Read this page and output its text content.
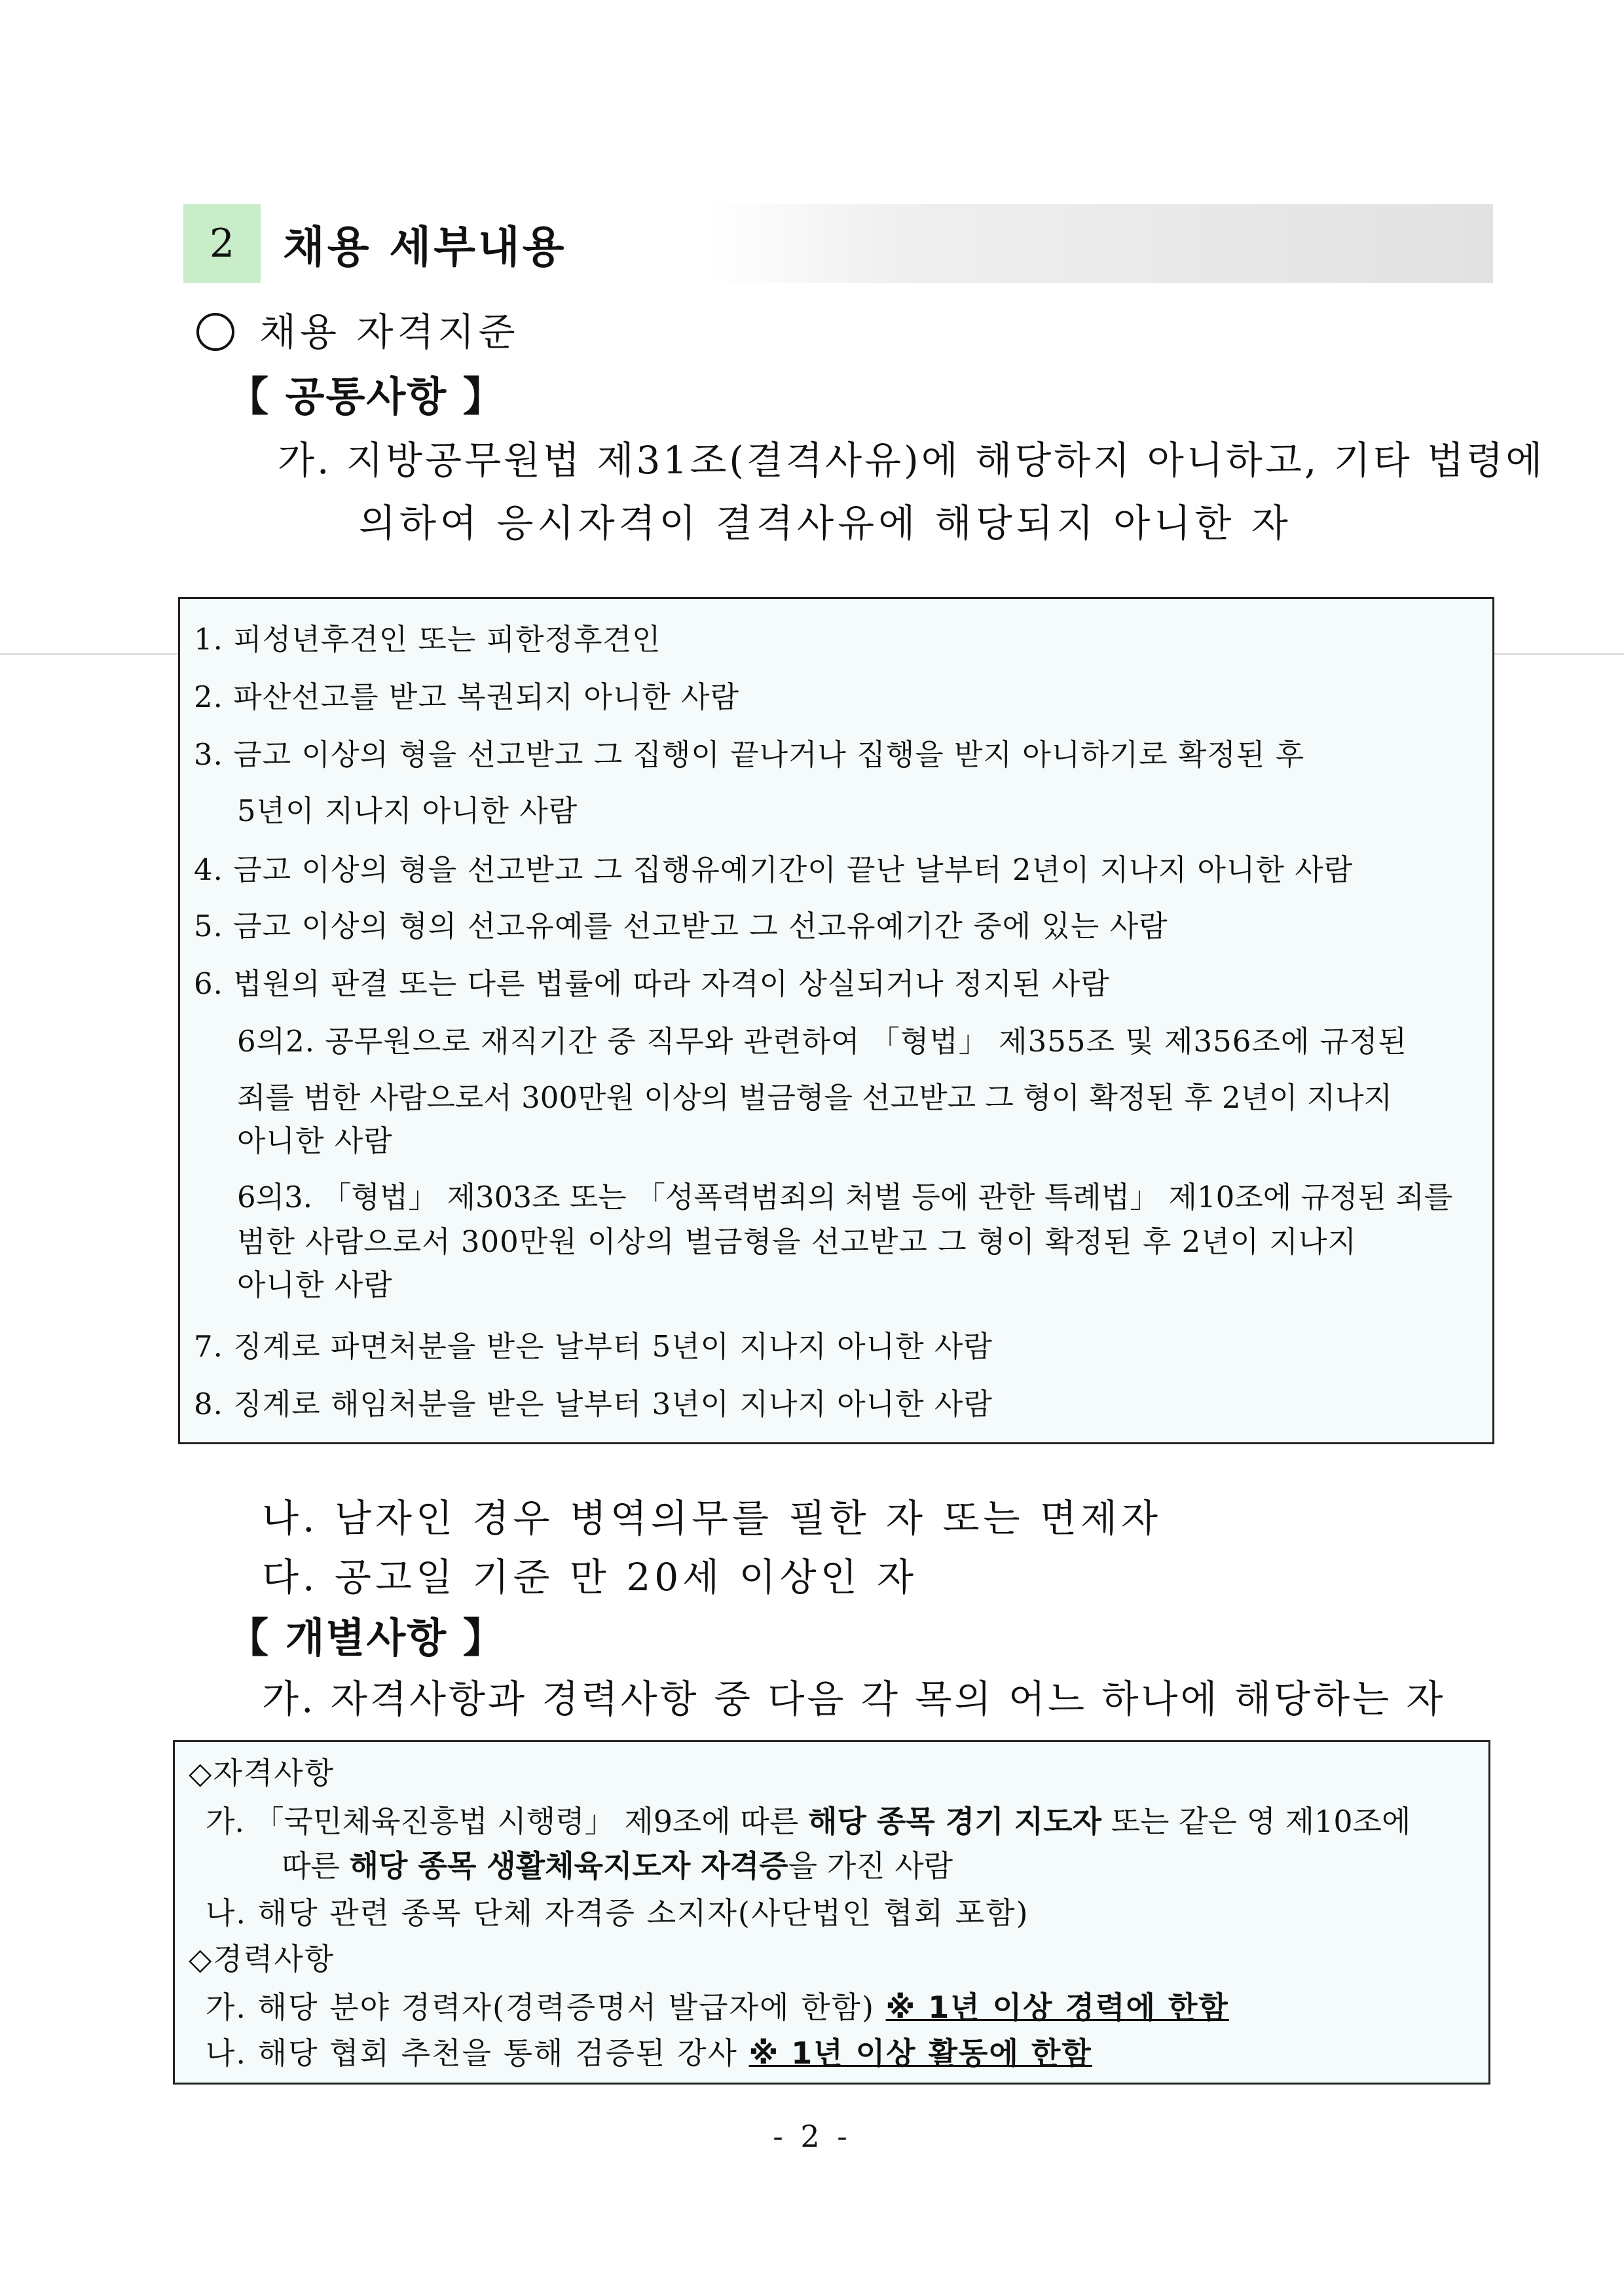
2 채용 세부내용
채용 자격지준
【 공통사항 】
가. 지방공무원법 제31조(결격사유)에 해당하지 아니하고, 기타 법령에
의하여 응시자격이 결격사유에 해당되지 아니한 자
1. 피성년후견인 또는 피한정후견인
2. 파산선고를 받고 복권되지 아니한 사람
3. 금고 이상의 형을 선고받고 그 집행이 끝나거나 집행을 받지 아니하기로 확정된 후
5년이 지나지 아니한 사람
4. 금고 이상의 형을 선고받고 그 집행유예기간이 끝난 날부터 2년이 지나지 아니한 사람
5. 금고 이상의 형의 선고유예를 선고받고 그 선고유예기간 중에 있는 사람
6. 법원의 판결 또는 다른 법률에 따라 자격이 상실되거나 정지된 사람
6의2. 공무원으로 재직기간 중 직무와 관련하여 「형법」 제355조 및 제356조에 규정된
죄를 범한 사람으로서 300만원 이상의 벌금형을 선고받고 그 형이 확정된 후 2년이 지나지
아니한 사람
6의3. 「형법」 제303조 또는 「성폭력범죄의 처벌 등에 관한 특례법」 제10조에 규정된 죄를
범한 사람으로서 300만원 이상의 벌금형을 선고받고 그 형이 확정된 후 2년이 지나지
아니한 사람
7. 징계로 파면처분을 받은 날부터 5년이 지나지 아니한 사람
8. 징계로 해임처분을 받은 날부터 3년이 지나지 아니한 사람
나. 남자인 경우 병역의무를 필한 자 또는 면제자
다. 공고일 기준 만 20세 이상인 자
【 개별사항 】
가. 자격사항과 경력사항 중 다음 각 목의 어느 하나에 해당하는 자
◇자격사항
가. 「국민체육진흥법 시행령」 제9조에 따른 해당 종목 경기 지도자 또는 같은 영 제10조에
따른 해당 종목 생활체육지도자 자격증을 가진 사람
나. 해당 관련 종목 단체 자격증 소지자(사단법인 협회 포함)
◇경력사항
가. 해당 분야 경력자(경력증명서 발급자에 한함) ※ 1년 이상 경력에 한함
나. 해당 협회 추천을 통해 검증된 강사 ※ 1년 이상 활동에 한함
- 2 -
